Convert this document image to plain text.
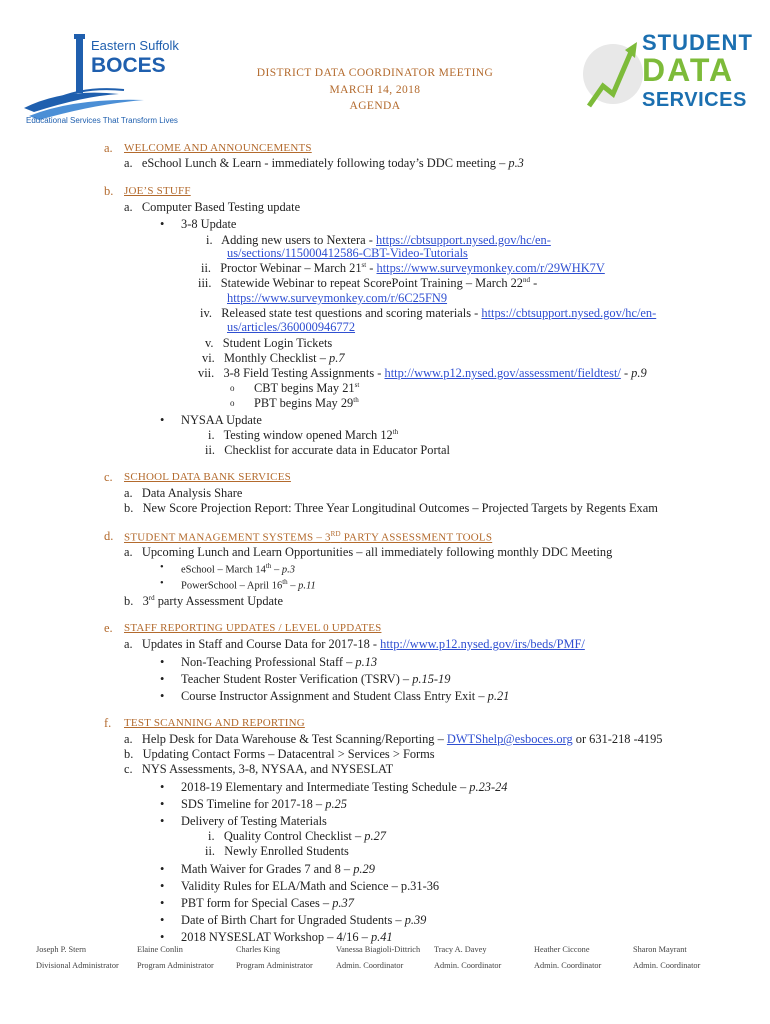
Eastern Suffolk
BOCES
Educational Services That Transform Lives
STUDENT
DATA
SERVICES
DISTRICT DATA COORDINATOR MEETING
MARCH 14, 2018
AGENDA
a. WELCOME AND ANNOUNCEMENTS
a.   eSchool Lunch & Learn - immediately following today’s DDC meeting – p.3
b. JOE’S STUFF
a.   Computer Based Testing update
• 3-8 Update
i.   Adding new users to Nextera - https://cbtsupport.nysed.gov/hc/en-
us/sections/115000412586-CBT-Video-Tutorials
ii.   Proctor Webinar – March 21st - https://www.surveymonkey.com/r/29WHK7V
iii.   Statewide Webinar to repeat ScorePoint Training – March 22nd -
https://www.surveymonkey.com/r/6C25FN9
iv.   Released state test questions and scoring materials - https://cbtsupport.nysed.gov/hc/en-
us/articles/360000946772
v.   Student Login Tickets
vi.   Monthly Checklist – p.7
vii.   3-8 Field Testing Assignments - http://www.p12.nysed.gov/assessment/fieldtest/ - p.9
o CBT begins May 21st
o PBT begins May 29th
• NYSAA Update
i.   Testing window opened March 12th
ii.   Checklist for accurate data in Educator Portal
c. SCHOOL DATA BANK SERVICES
a.   Data Analysis Share
b.   New Score Projection Report: Three Year Longitudinal Outcomes – Projected Targets by Regents Exam
d. STUDENT MANAGEMENT SYSTEMS – 3RD PARTY ASSESSMENT TOOLS
a.   Upcoming Lunch and Learn Opportunities – all immediately following monthly DDC Meeting
• eSchool – March 14th – p.3
• PowerSchool – April 16th – p.11
b.   3rd party Assessment Update
e. STAFF REPORTING UPDATES / LEVEL 0 UPDATES
a.   Updates in Staff and Course Data for 2017-18 - http://www.p12.nysed.gov/irs/beds/PMF/
• Non-Teaching Professional Staff – p.13
• Teacher Student Roster Verification (TSRV) – p.15-19
• Course Instructor Assignment and Student Class Entry Exit – p.21
f. TEST SCANNING AND REPORTING
a.   Help Desk for Data Warehouse & Test Scanning/Reporting – DWTShelp@esboces.org or 631-218 -4195
b.   Updating Contact Forms – Datacentral > Services > Forms
c.   NYS Assessments, 3-8, NYSAA, and NYSESLAT
• 2018-19 Elementary and Intermediate Testing Schedule – p.23-24
• SDS Timeline for 2017-18 – p.25
• Delivery of Testing Materials
i.   Quality Control Checklist – p.27
ii.   Newly Enrolled Students
• Math Waiver for Grades 7 and 8 – p.29
• Validity Rules for ELA/Math and Science – p.31-36
• PBT form for Special Cases – p.37
• Date of Birth Chart for Ungraded Students – p.39
• 2018 NYSESLAT Workshop – 4/16 – p.41
Joseph P. Stern
Divisional Administrator
Elaine Conlin
Program Administrator
Charles King
Program Administrator
Vanessa Biagioli-Dittrich
Admin. Coordinator
Tracy A. Davey
Admin. Coordinator
Heather Ciccone
Admin. Coordinator
Sharon Mayrant
Admin. Coordinator
